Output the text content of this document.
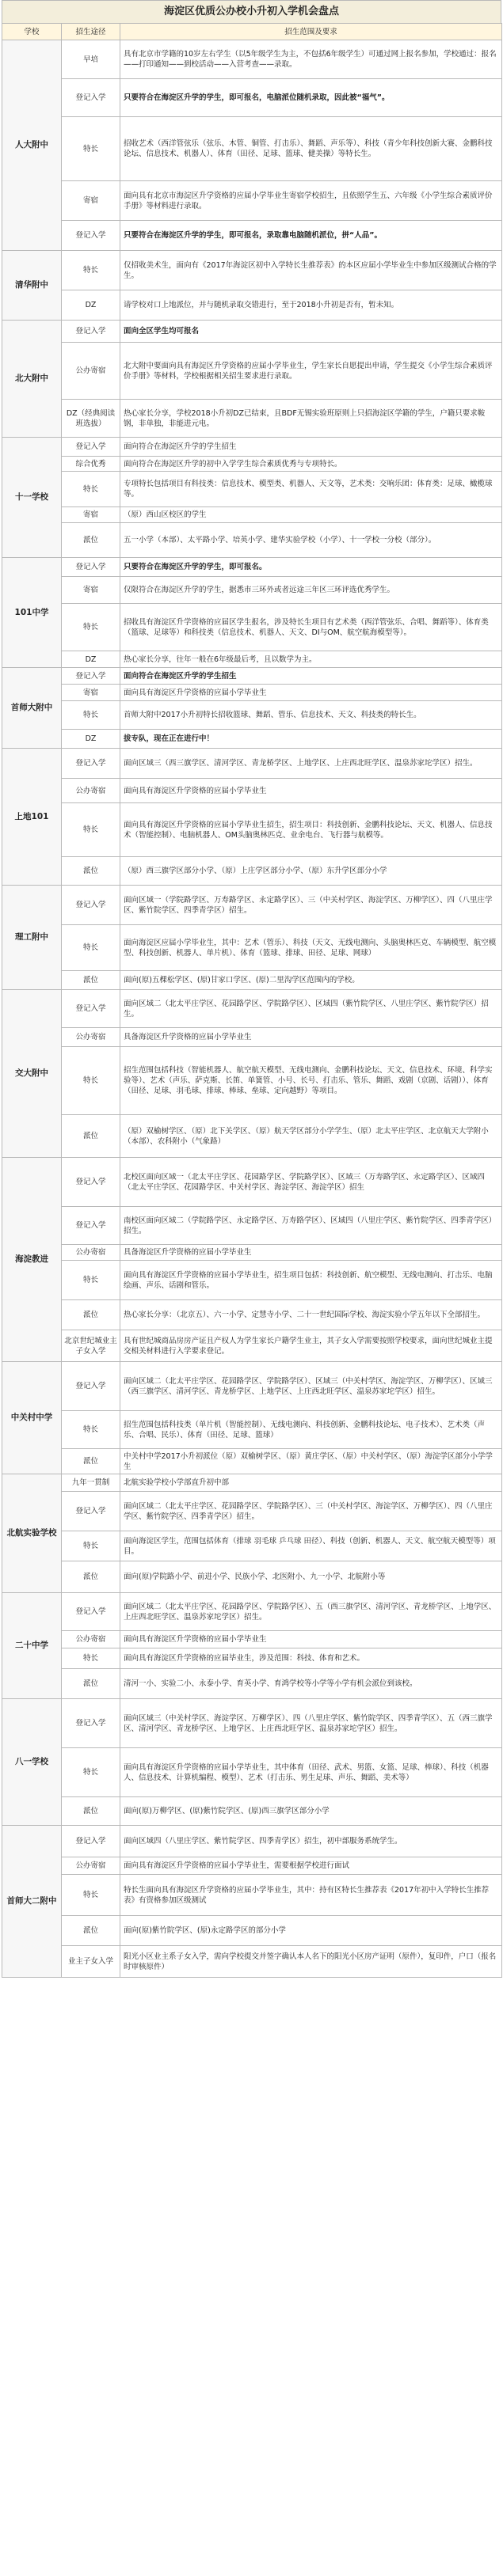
海淀区优质公办校小升初入学机会盘点
学校	招生途径	招生范围及要求
人大附中	早培	具有北京市学籍的10岁左右学生（以5年级学生为主，不包括6年级学生）可通过网上报名参加，学校通过：报名——打印通知——到校活动——入营考查——录取。
	登记入学	只要符合在海淀区升学的学生，即可报名，电脑派位随机录取，因此被“福气”。
	特长	招收艺术（西洋管弦乐（弦乐、木管、铜管、打击乐）、舞蹈、声乐等）、科技（青少年科技创新大赛、金鹏科技论坛、信息技术、机器人）、体育（田径、足球、篮球、健美操）等特长生。
	寄宿	面向具有北京市海淀区升学资格的应届小学毕业生寄宿学校招生，且依照学生五、六年级《小学生综合素质评价手册》等材料进行录取。
	登记入学	只要符合在海淀区升学的学生，即可报名，录取靠电脑随机派位，拼“人品”。
清华附中	特长	仅招收美术生，面向有《2017年海淀区初中入学特长生推荐表》的本区应届小学毕业生中参加区级测试合格的学生。
	DZ	请学校对口上地派位，并与随机录取交错进行，至于2018小升初是否有，暂未知。
北大附中	登记入学	面向全区学生均可报名
	公办寄宿	北大附中要面向具有海淀区升学资格的应届小学毕业生，学生家长自愿提出申请，学生提交《小学生综合素质评价手册》等材料，学校根据相关招生要求进行录取。
	DZ（经典阅读班选拔）	热心家长分享，学校2018小升初DZ已结束，且BDF无锡实验班原则上只招海淀区学籍的学生，户籍只要求鞍钢，非单独，非能进元电。
十一学校	登记入学	面向符合在海淀区升学的学生招生
	综合优秀	面向符合在海淀区升学的初中入学学生综合素质优秀与专项特长。
	特长	专项特长包括项目有科技类：信息技术、模型类、机器人、天文等，艺术类：交响乐团：体育类：足球、橄榄球等。
	寄宿	（原）西山区校区的学生
	派位	五一小学（本部）、太平路小学、培英小学、建华实验学校（小学）、十一学校一分校（部分）。
101中学	登记入学	只要符合在海淀区升学的学生，即可报名。
	寄宿	仅限符合在海淀区升学的学生，据悉市三环外或者远途三年区三环评选优秀学生。
	特长	招收具有海淀区升学资格的应届区学生报名，涉及特长生项目有艺术类（西洋管弦乐、合唱、舞蹈等）、体育类（篮球、足球等）和科技类（信息技术、机器人、天文、DI与OM、航空航海模型等）。
	DZ	热心家长分享，往年一般在6年级最后考，且以数学为主。
首师大附中	登记入学	面向符合在海淀区升学的学生招生
	寄宿	面向具有海淀区升学资格的应届小学毕业生
	特长	首师大附中2017小升初特长招收篮球、舞蹈、管乐、信息技术、天文、科技类的特长生。
	DZ	拔专队，现在正在进行中！
上地101	登记入学	面向区域三（西三旗学区、清河学区、青龙桥学区、上地学区、上庄西北旺学区、温泉苏家坨学区）招生。
	公办寄宿	面向具有海淀区升学资格的应届小学毕业生
	特长	面向具有海淀区升学资格的应届小学毕业生招生，招生项目：科技创新、金鹏科技论坛、天文、机器人、信息技术（智能控制）、电脑机器人、OM头脑奥林匹克、业余电台、飞行器与航模等。
	派位	（原）西三旗学区部分小学、（原）上庄学区部分小学、（原）东升学区部分小学
理工附中	登记入学	面向区域一（学院路学区、万寿路学区、永定路学区）、三（中关村学区、海淀学区、万柳学区）、四（八里庄学区、紫竹院学区、四季青学区）招生。
	特长	面向海淀区应届小学毕业生，其中：艺术（管乐）、科技（天文、无线电测向、头脑奥林匹克、车辆模型、航空模型、科技创新、机器人、单片机）、体育（篮球、排球、田径、足球、网球）
	派位	面向(原)五棵松学区、(原)甘家口学区、(原)二里沟学区范围内的学校。
交大附中	登记入学	面向区域二（北太平庄学区、花园路学区、学院路学区）、区域四（紫竹院学区、八里庄学区、紫竹院学区）招生。
	公办寄宿	具备海淀区升学资格的应届小学毕业生
	特长	招生范围包括科技（智能机器人、航空航天模型、无线电测向、金鹏科技论坛、天文、信息技术、环境、科学实验等）、艺术（声乐、萨克斯、长笛、单簧管、小号、长号、打击乐、管乐、舞蹈、戏剧（京剧、话剧））、体育（田径、足球、羽毛球、排球、棒球、垒球、定向越野）等项目。
	派位	（原）双榆树学区、（原）北下关学区、（原）航天学区部分小学学生、（原）北太平庄学区、北京航天大学附小（本部）、农科附小（气象路）
海淀教进	登记入学	北校区面向区域一（北太平庄学区、花园路学区、学院路学区）、区域三（万寿路学区、永定路学区）、区域四（北太平庄学区、花园路学区、中关村学区、海淀学区、海淀学区）招生
	登记入学	南校区面向区域二（学院路学区、永定路学区、万寿路学区）、区域四（八里庄学区、紫竹院学区、四季青学区）招生。
	公办寄宿	具备海淀区升学资格的应届小学毕业生
	特长	面向具有海淀区升学资格的应届小学毕业生，招生项目包括：科技创新、航空模型、无线电测向、打击乐、电脑绘画、声乐、话剧和管乐。
	派位	热心家长分享：（北京五）、六一小学、定慧寺小学、二十一世纪国际学校、海淀实验小学五年以下全部招生。
	北京世纪城业主子女入学	具有世纪城商品房房产证且产权人为学生家长户籍学生业主，其子女入学需要按照学校要求，面向世纪城业主提交相关材料进行入学要求登记。
中关村中学	登记入学	面向区域二（北太平庄学区、花园路学区、学院路学区）、区域三（中关村学区、海淀学区、万柳学区）、区域三（西三旗学区、清河学区、青龙桥学区、上地学区、上庄西北旺学区、温泉苏家坨学区）招生。
	特长	招生范围包括科技类（单片机（智能控制）、无线电测向、科技创新、金鹏科技论坛、电子技术）、艺术类（声乐、合唱、民乐）、体育（田径、足球、篮球）
	派位	中关村中学2017小升初派位（原）双榆树学区、（原）黄庄学区、（原）中关村学区、（原）海淀学区部分小学学生
北航实验学校	九年一贯制	北航实验学校小学部直升初中部
	登记入学	面向区域二（北太平庄学区、花园路学区、学院路学区）、三（中关村学区、海淀学区、万柳学区）、四（八里庄学区、紫竹院学区、四季青学区）招生。
	特长	面向海淀区学生，范围包括体育（排球 羽毛球 乒乓球 田径）、科技（创新、机器人、天文、航空航天模型等）项目。
	派位	面向(原)学院路小学、前进小学、民族小学、北医附小、九一小学、北航附小等
二十中学	登记入学	面向区域二（北太平庄学区、花园路学区、学院路学区）、五（西三旗学区、清河学区、青龙桥学区、上地学区、上庄西北旺学区、温泉苏家坨学区）招生。
	公办寄宿	面向具有海淀区升学资格的应届小学毕业生
	特长	面向具有海淀区升学资格的应届毕业生，涉及范围：科技、体育和艺术。
	派位	清河一小、实验二小、永泰小学、育英小学、育鸿学校等小学等小学有机会派位到该校。
八一学校	登记入学	面向区域三（中关村学区、海淀学区、万柳学区）、四（八里庄学区、紫竹院学区、四季青学区）、五（西三旗学区、清河学区、青龙桥学区、上地学区、上庄西北旺学区、温泉苏家坨学区）招生。
	特长	面向具有海淀区升学资格的应届小学毕业生，其中体育（田径、武术、男篮、女篮、足球、棒球）、科技（机器人、信息技术、计算机编程、模型）、艺术（打击乐、男生足球、声乐、舞蹈、美术等）
	派位	面向(原)万柳学区、(原)紫竹院学区、(原)西三旗学区部分小学
首师大二附中	登记入学	面向区域四（八里庄学区、紫竹院学区、四季青学区）招生，初中部服务系统学生。
	公办寄宿	面向具有海淀区升学资格的应届小学毕业生，需要根据学校进行面试
	特长	特长生面向具有海淀区升学资格的应届小学毕业生，其中：持有区特长生推荐表《2017年初中入学特长生推荐表》有资格参加区级测试
	派位	面向(原)紫竹院学区、(原)永定路学区的部分小学
	业主子女入学	阳光小区业主系子女入学，需向学校提交并签字确认本人名下的阳光小区房产证明（原件），复印件，户口（报名时审核原件）
